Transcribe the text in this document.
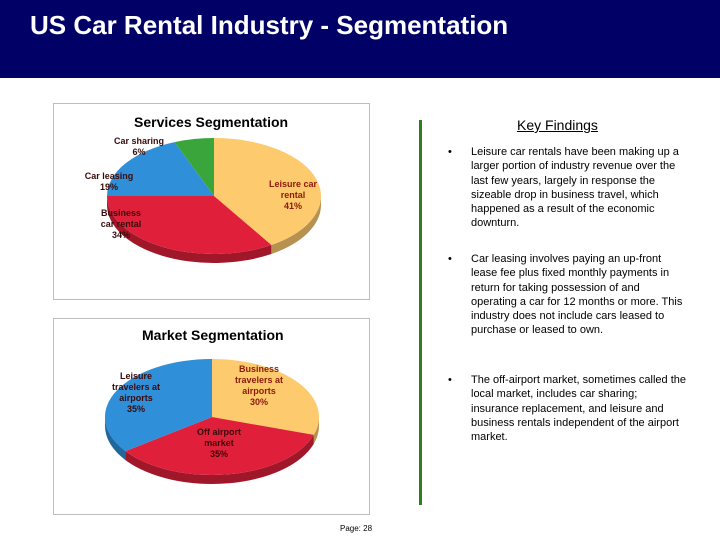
US Car Rental Industry - Segmentation
Services Segmentation
Leisure car rental 41%
Business car rental 34%
Car leasing 19%
Car sharing 6%
Market Segmentation
Business travelers at airports 30%
Off airport market 35%
Leisure travelers at airports 35%
Key Findings
• Leisure car rentals have been making up a larger portion of industry revenue over the last few years, largely in response the sizeable drop in business travel, which happened as a result of the economic downturn.
• Car leasing involves paying an up-front lease fee plus fixed monthly payments in return for taking possession of and operating a car for 12 months or more. This industry does not include cars leased to purchase or leased to own.
• The off-airport market, sometimes called the local market, includes car sharing; insurance replacement, and leisure and business rentals independent of the airport market.
Page: 28
